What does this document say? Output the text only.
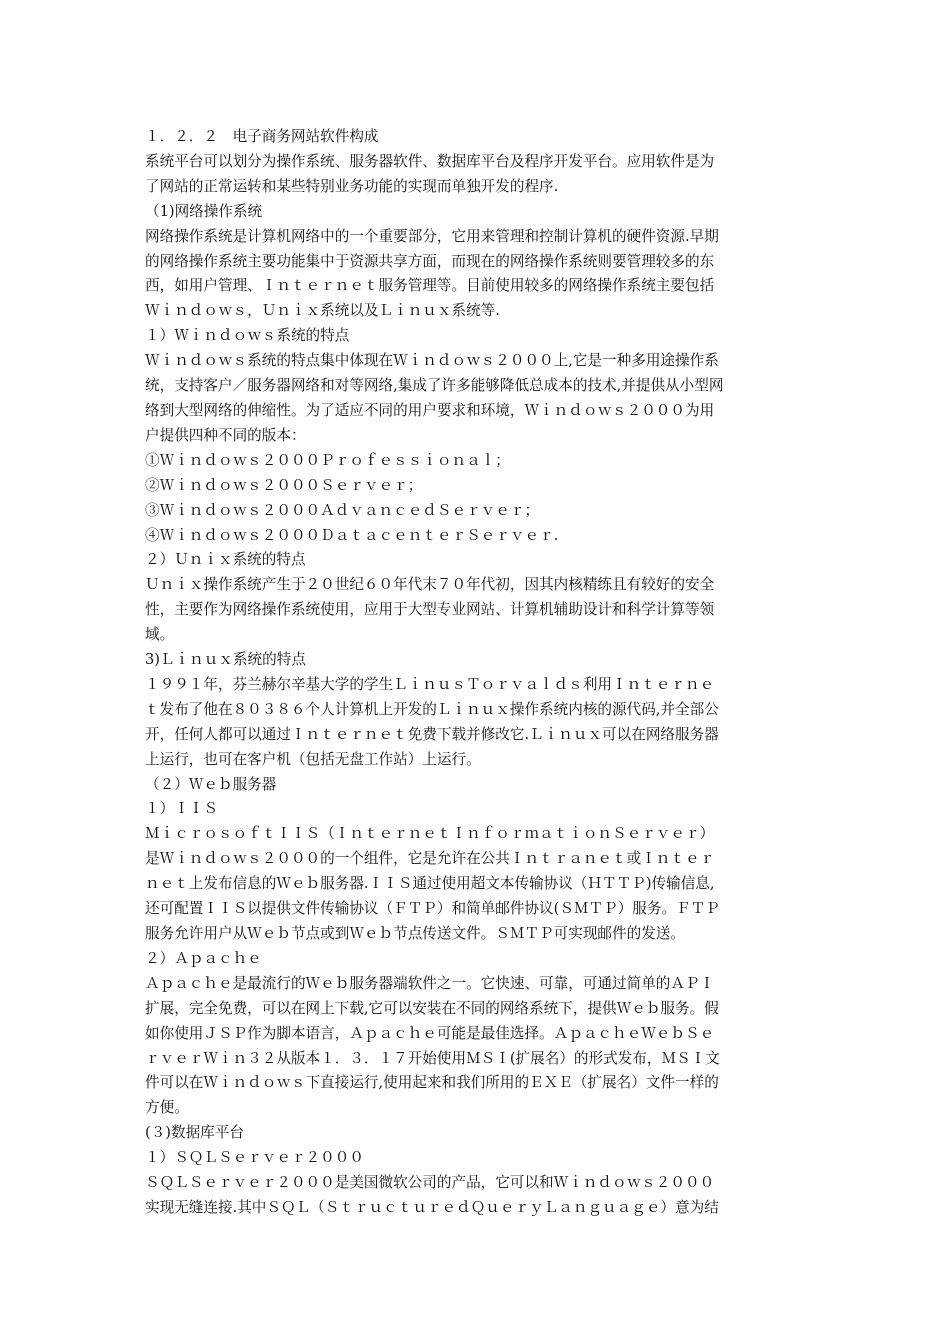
１．２．２　电子商务网站软件构成
系统平台可以划分为操作系统、服务器软件、数据库平台及程序开发平台。应用软件是为
了网站的正常运转和某些特别业务功能的实现而单独开发的程序.
（1)网络操作系统
网络操作系统是计算机网络中的一个重要部分，它用来管理和控制计算机的硬件资源.早期
的网络操作系统主要功能集中于资源共享方面，而现在的网络操作系统则要管理较多的东
西，如用户管理、Ｉｎｔｅｒｎｅｔ服务管理等。目前使用较多的网络操作系统主要包括
Ｗｉｎｄｏｗｓ，Ｕｎｉｘ系统以及Ｌｉｎｕｘ系统等.
１）Ｗｉｎｄｏｗｓ系统的特点
Ｗｉｎｄｏｗｓ系统的特点集中体现在Ｗｉｎｄｏｗｓ２０００上,它是一种多用途操作系
统，支持客户／服务器网络和对等网络,集成了许多能够降低总成本的技术,并提供从小型网
络到大型网络的伸缩性。为了适应不同的用户要求和环境，Ｗｉｎｄｏｗｓ２０００为用
户提供四种不同的版本：
①Ｗｉｎｄｏｗｓ２０００Ｐｒｏｆｅｓｓｉｏｎａｌ；
②Ｗｉｎｄｏｗｓ２０００Ｓｅｒｖｅｒ；
③Ｗｉｎｄｏｗｓ２０００ＡｄｖａｎｃｅｄＳｅｒｖｅｒ；
④Ｗｉｎｄｏｗｓ２０００ＤａｔａｃｅｎｔｅｒＳｅｒｖｅｒ.
２）Ｕｎｉｘ系统的特点
Ｕｎｉｘ操作系统产生于２０世纪６０年代末７０年代初，因其内核精练且有较好的安全
性，主要作为网络操作系统使用，应用于大型专业网站、计算机辅助设计和科学计算等领
域。
3)Ｌｉｎｕｘ系统的特点
１９９１年，芬兰赫尔辛基大学的学生ＬｉｎｕｓＴｏｒｖａｌｄｓ利用Ｉｎｔｅｒｎｅ
ｔ发布了他在８０３８６个人计算机上开发的Ｌｉｎｕｘ操作系统内核的源代码,并全部公
开，任何人都可以通过Ｉｎｔｅｒｎｅｔ免费下载并修改它.Ｌｉｎｕｘ可以在网络服务器
上运行，也可在客户机（包括无盘工作站）上运行。
（２）Ｗｅｂ服务器
１）ＩＩＳ
ＭｉｃｒｏｓｏｆｔＩＩＳ（ＩｎｔｅｒｎｅｔＩｎｆｏｒｍａｔｉｏｎＳｅｒｖｅｒ）
是Ｗｉｎｄｏｗｓ２０００的一个组件，它是允许在公共Ｉｎｔｒａｎｅｔ或Ｉｎｔｅｒ
ｎｅｔ上发布信息的Ｗｅｂ服务器.ＩＩＳ通过使用超文本传输协议（ＨＴＴＰ)传输信息,
还可配置ＩＩＳ以提供文件传输协议（ＦＴＰ）和简单邮件协议(ＳＭＴＰ）服务。ＦＴＰ
服务允许用户从Ｗｅｂ节点或到Ｗｅｂ节点传送文件。ＳＭＴＰ可实现邮件的发送。
２）Ａｐａｃｈｅ
Ａｐａｃｈｅ是最流行的Ｗｅｂ服务器端软件之一。它快速、可靠，可通过简单的ＡＰＩ
扩展，完全免费，可以在网上下载,它可以安装在不同的网络系统下，提供Ｗｅｂ服务。假
如你使用ＪＳＰ作为脚本语言，Ａｐａｃｈｅ可能是最佳选择。ＡｐａｃｈｅＷｅｂＳｅ
ｒｖｅｒＷｉｎ３２从版本１．３．１７开始使用ＭＳＩ(扩展名）的形式发布，ＭＳＩ文
件可以在Ｗｉｎｄｏｗｓ下直接运行,使用起来和我们所用的ＥＸＥ（扩展名）文件一样的
方便。
(３)数据库平台
１）ＳＱＬＳｅｒｖｅｒ２０００
ＳＱＬＳｅｒｖｅｒ２０００是美国微软公司的产品，它可以和Ｗｉｎｄｏｗｓ２０００
实现无缝连接.其中ＳＱＬ（ＳｔｒｕｃｔｕｒｅｄＱｕｅｒｙＬａｎｇｕａｇｅ）意为结
